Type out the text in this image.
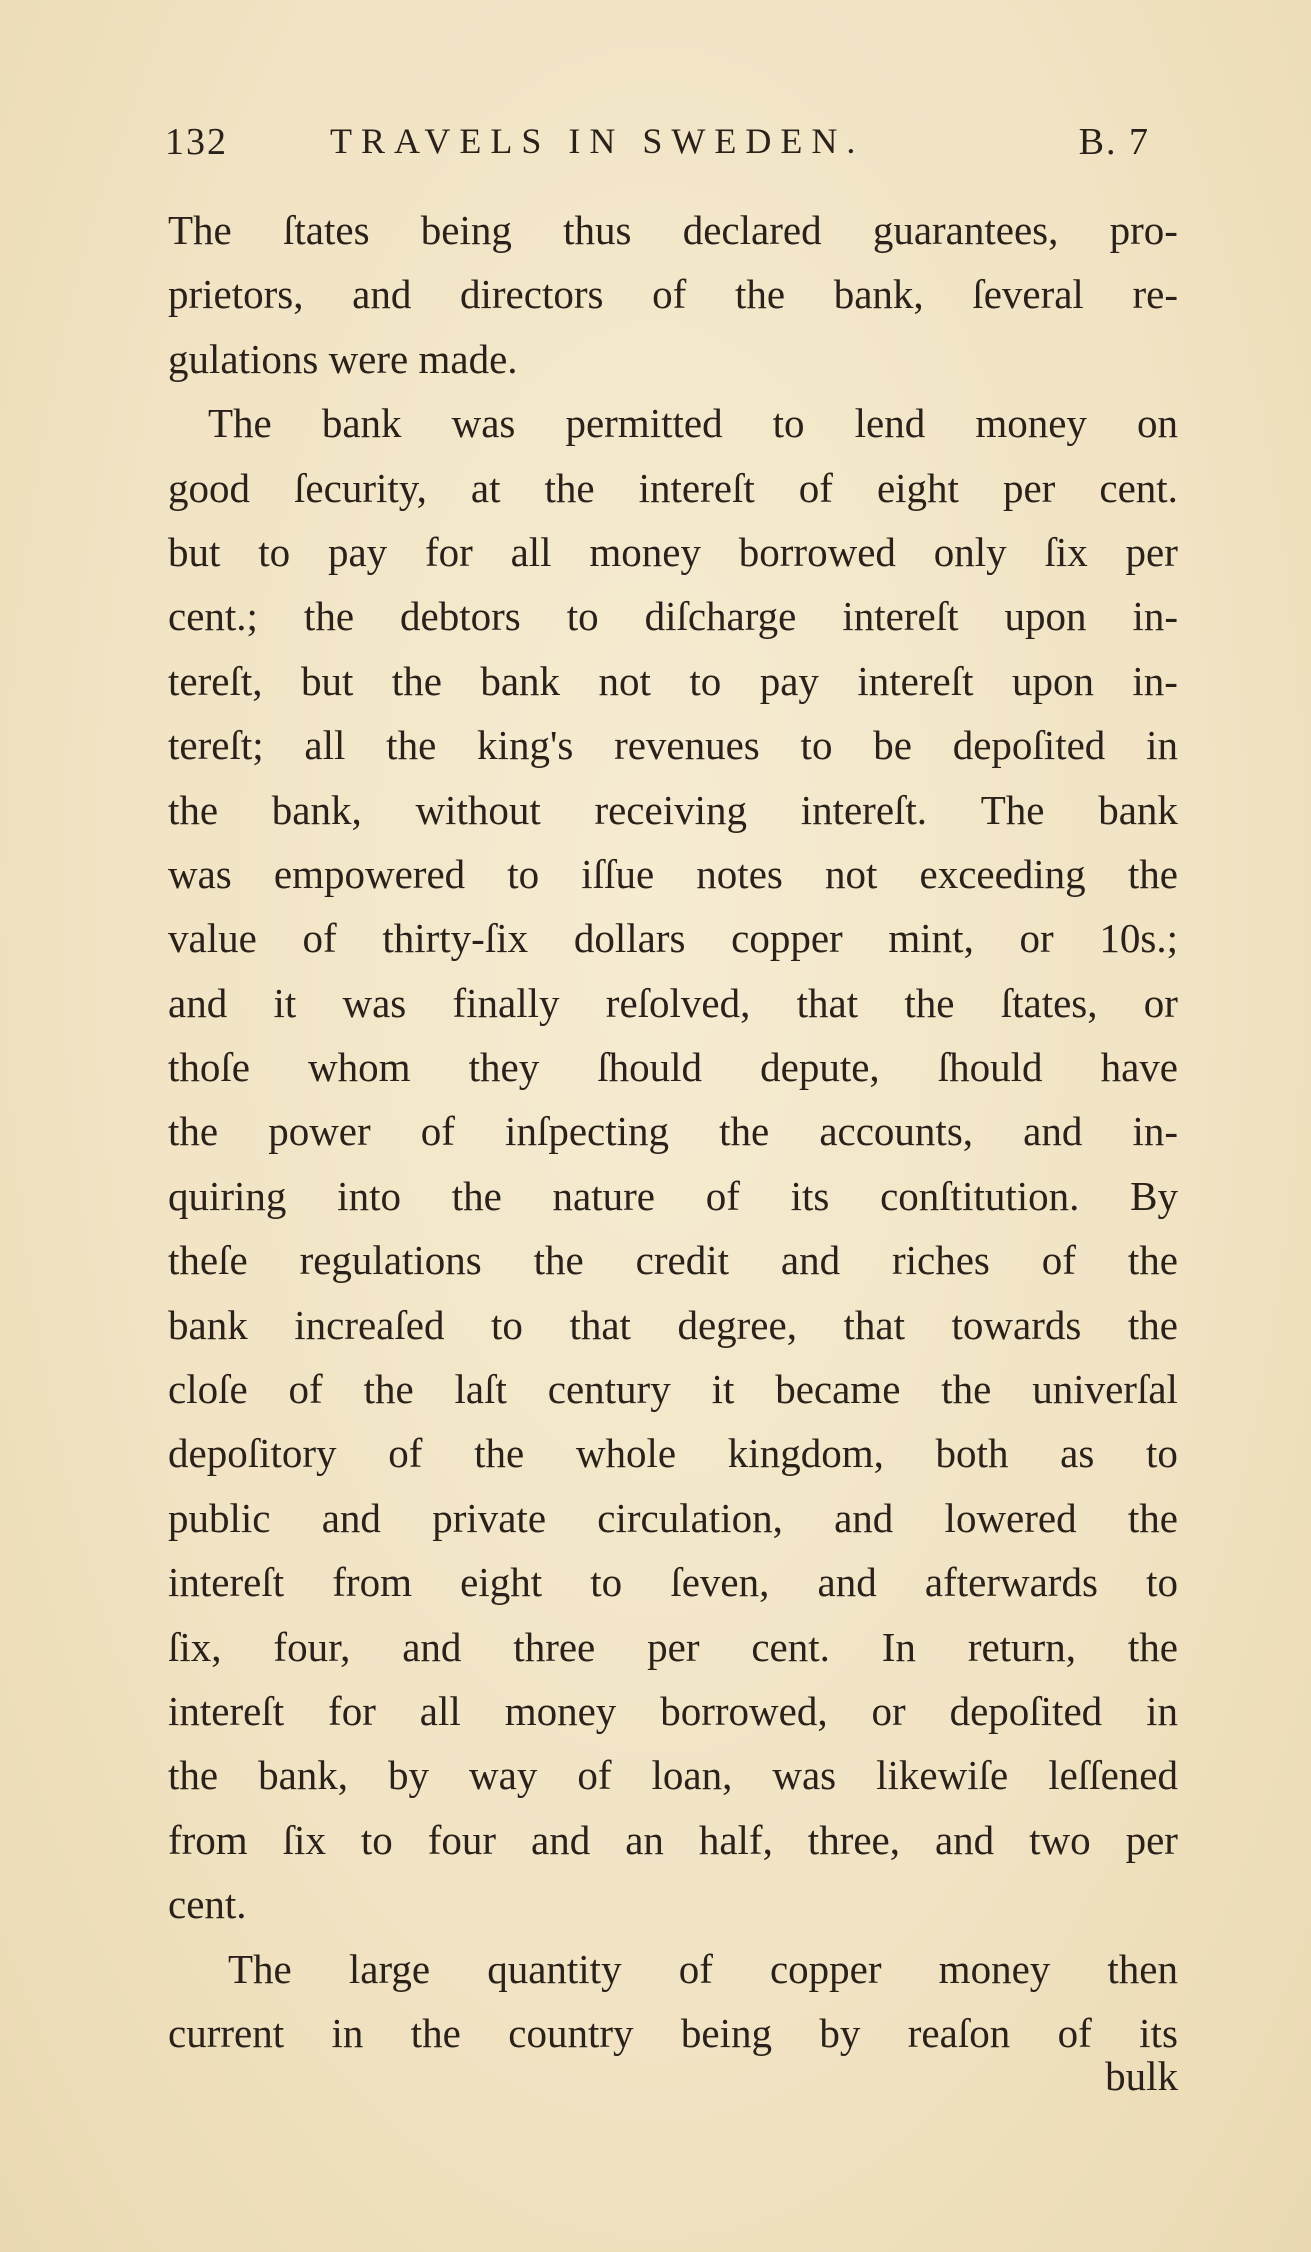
132	TRAVELS IN SWEDEN.	B. 7
The ſtates being thus declared guarantees, pro-
prietors, and directors of the bank, ſeveral re-
gulations were made.
The bank was permitted to lend money on
good ſecurity, at the intereſt of eight per cent.
but to pay for all money borrowed only ſix per
cent.; the debtors to diſcharge intereſt upon in-
tereſt, but the bank not to pay intereſt upon in-
tereſt; all the king's revenues to be depoſited in
the bank, without receiving intereſt. The bank
was empowered to iſſue notes not exceeding the
value of thirty-ſix dollars copper mint, or 10s.;
and it was finally reſolved, that the ſtates, or
thoſe whom they ſhould depute, ſhould have
the power of inſpecting the accounts, and in-
quiring into the nature of its conſtitution. By
theſe regulations the credit and riches of the
bank increaſed to that degree, that towards the
cloſe of the laſt century it became the univerſal
depoſitory of the whole kingdom, both as to
public and private circulation, and lowered the
intereſt from eight to ſeven, and afterwards to
ſix, four, and three per cent. In return, the
intereſt for all money borrowed, or depoſited in
the bank, by way of loan, was likewiſe leſſened
from ſix to four and an half, three, and two per
cent.
The large quantity of copper money then
current in the country being by reaſon of its
bulk
